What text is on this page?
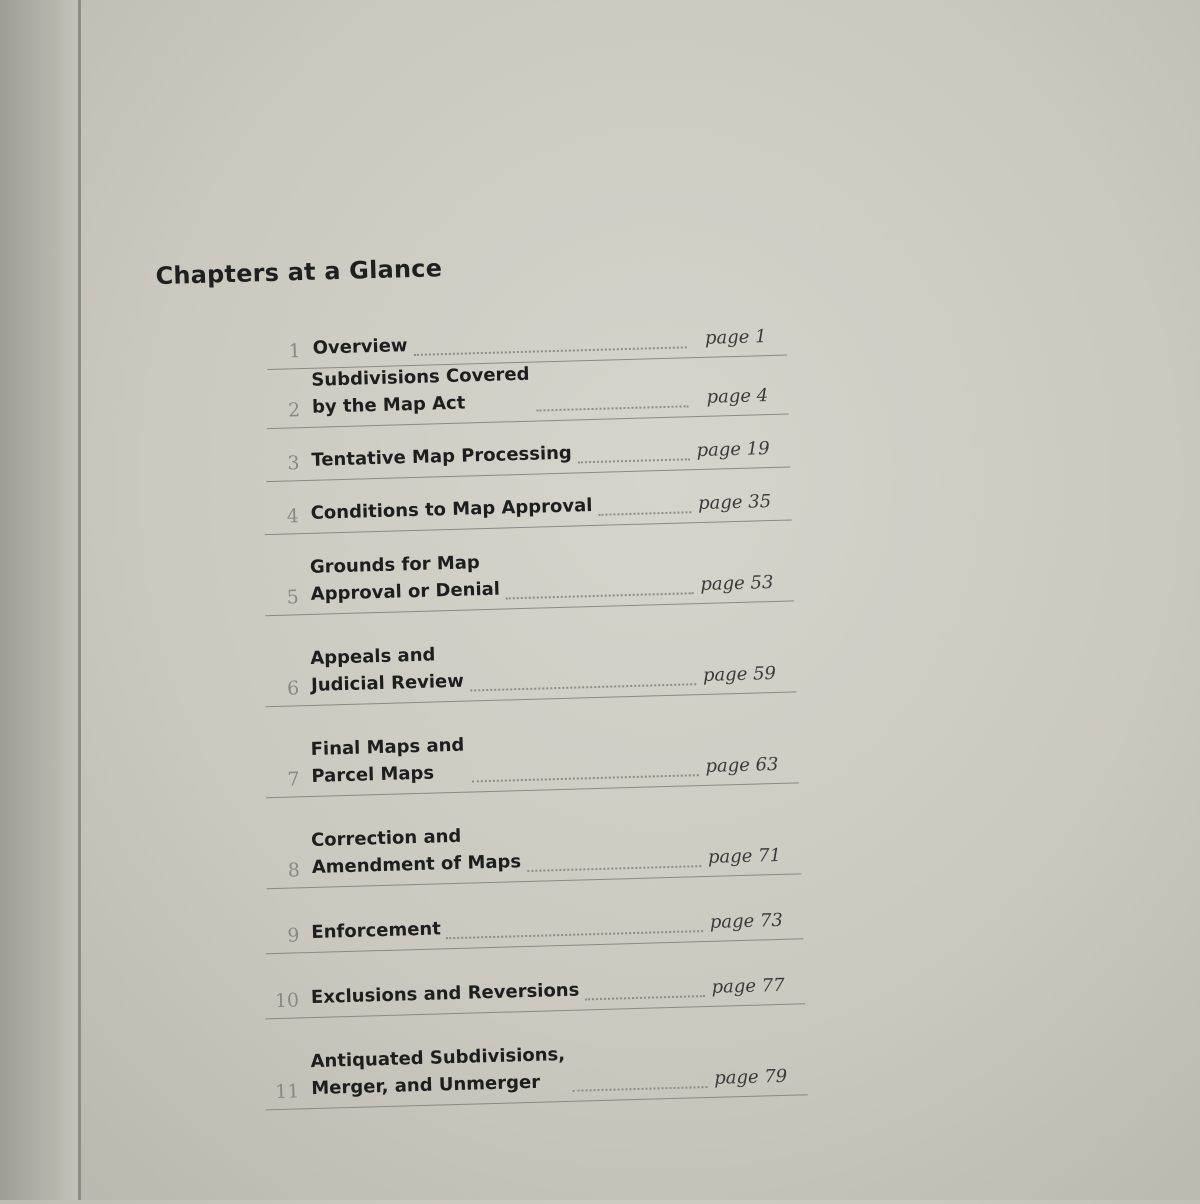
Chapters at a Glance
1 Overview	page 1
2
Subdivisions Covered
by the Map Act	page 4
3 Tentative Map Processing	page 19
4 Conditions to Map Approval	page 35
5
Grounds for Map
Approval or Denial	page 53
6
Appeals and
Judicial Review	page 59
7
Final Maps and
Parcel Maps	page 63
8
Correction and
Amendment of Maps	page 71
9 Enforcement	page 73
10 Exclusions and Reversions	page 77
11
Antiquated Subdivisions,
Merger, and Unmerger	page 79
